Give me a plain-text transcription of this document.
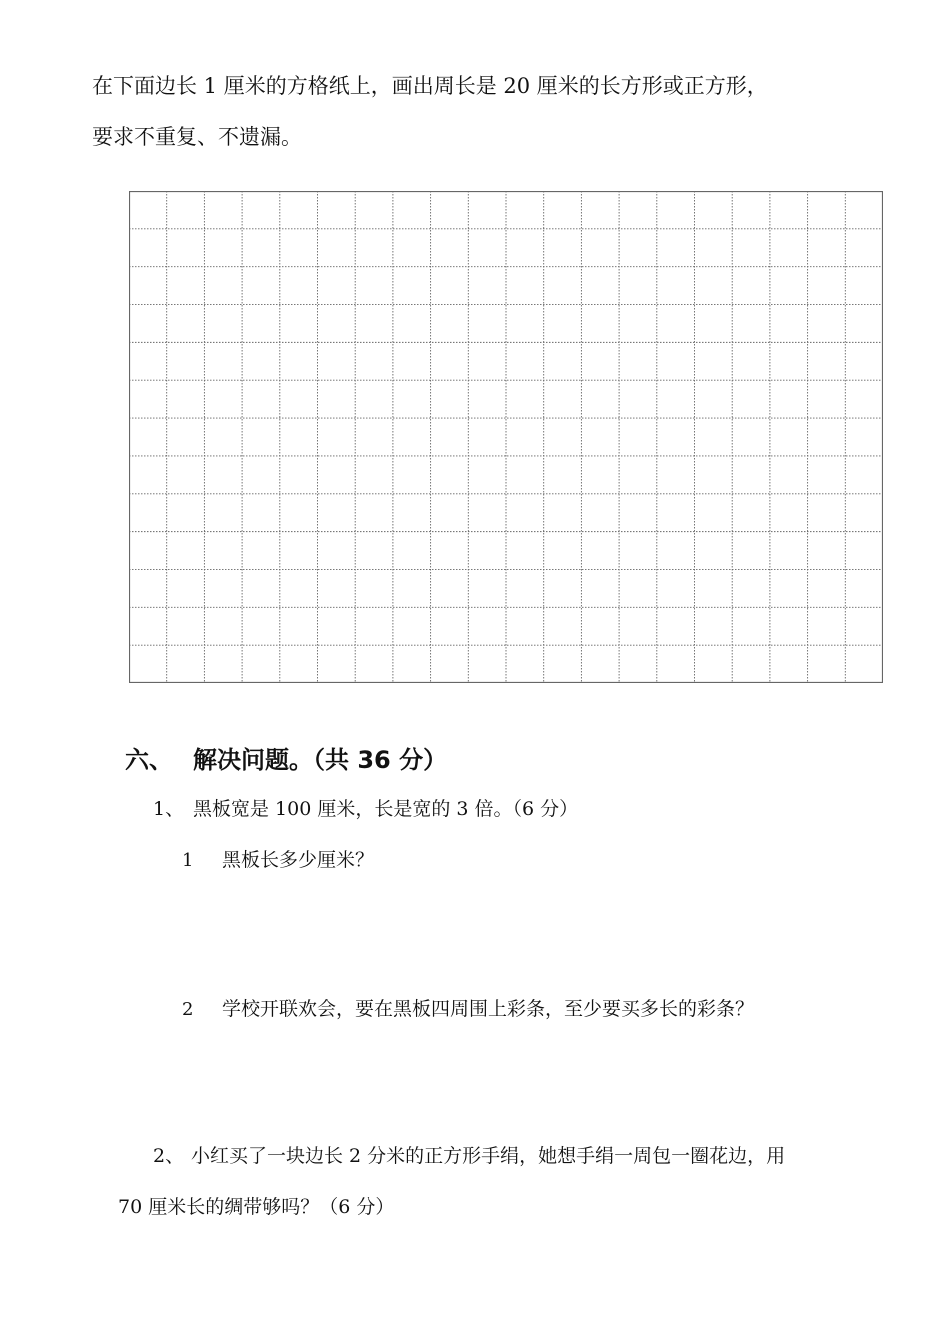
在下面边长 1 厘米的方格纸上，画出周长是 20 厘米的长方形或正方形，
要求不重复、不遗漏。
六、 解决问题。（共 36 分）
1、 黑板宽是 100 厘米，长是宽的 3 倍。（6 分）
1 黑板长多少厘米？
2 学校开联欢会，要在黑板四周围上彩条，至少要买多长的彩条？
2、 小红买了一块边长 2 分米的正方形手绢，她想手绢一周包一圈花边，用
70 厘米长的绸带够吗？（6 分）
